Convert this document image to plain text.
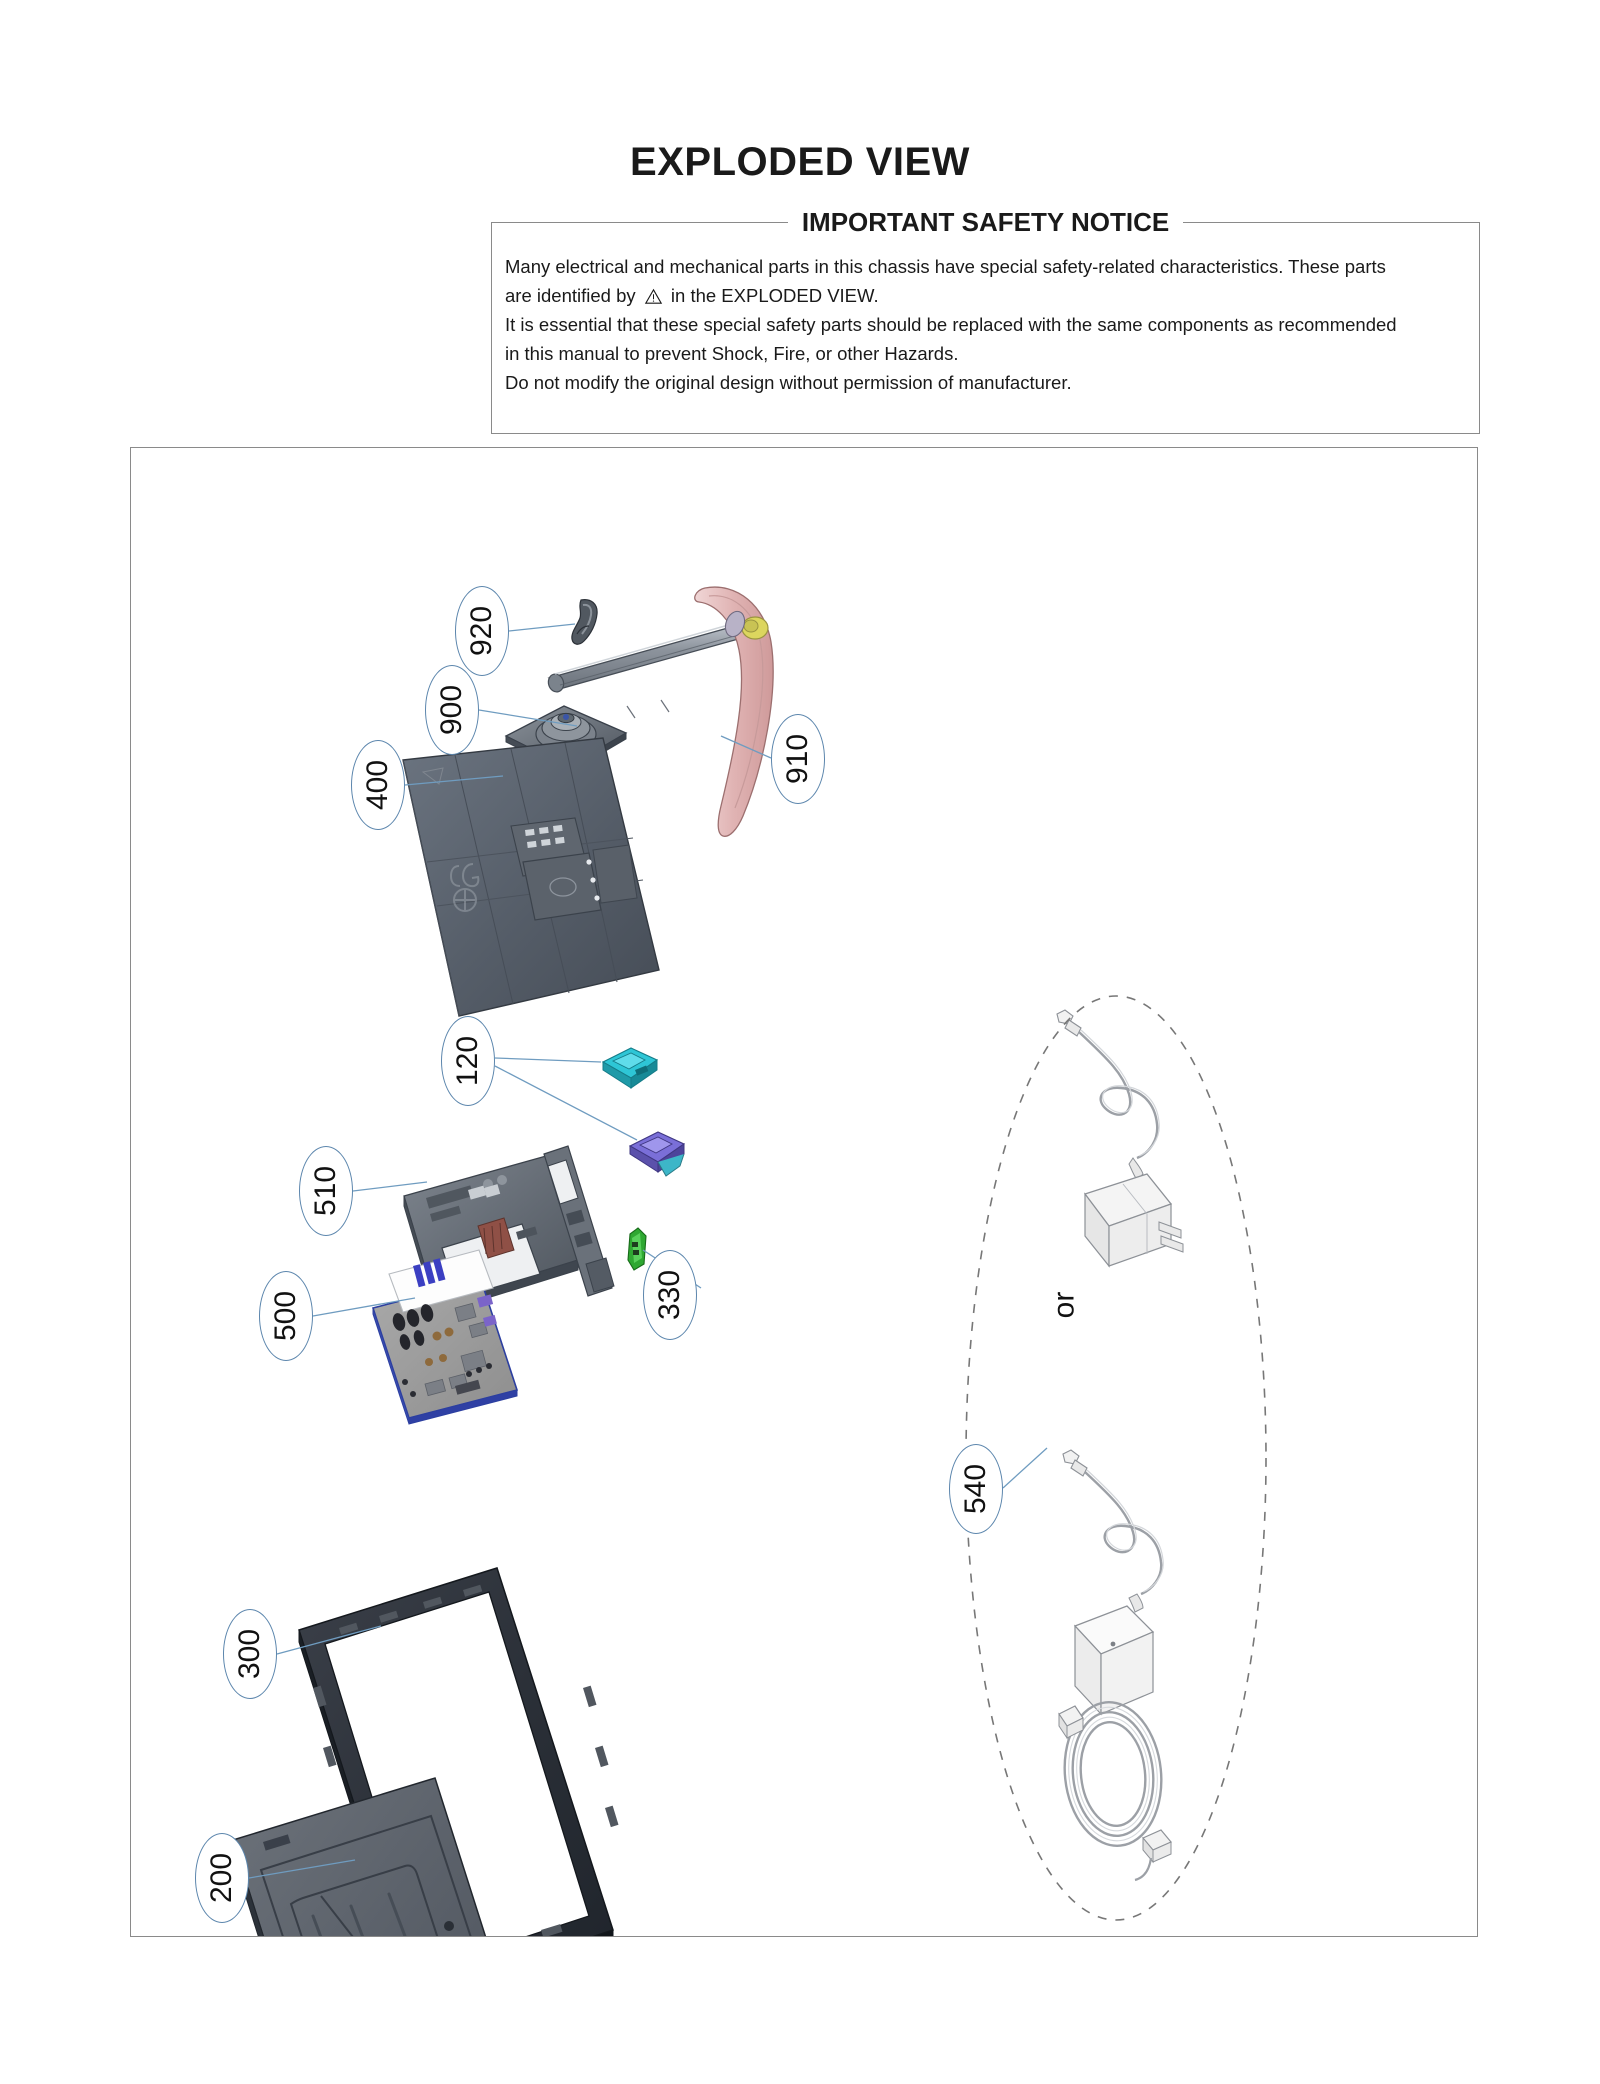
EXPLODED VIEW
IMPORTANT SAFETY NOTICE

Many electrical and mechanical parts in this chassis have special safety-related characteristics. These parts

are identified by in the EXPLODED VIEW.

It is essential that these special safety parts should be replaced with the same components as recommended

in this manual to prevent Shock, Fire, or other Hazards.

Do not modify the original design without permission of manufacturer.

or
920
900
910
400
120
510
500	330
300
200
540
